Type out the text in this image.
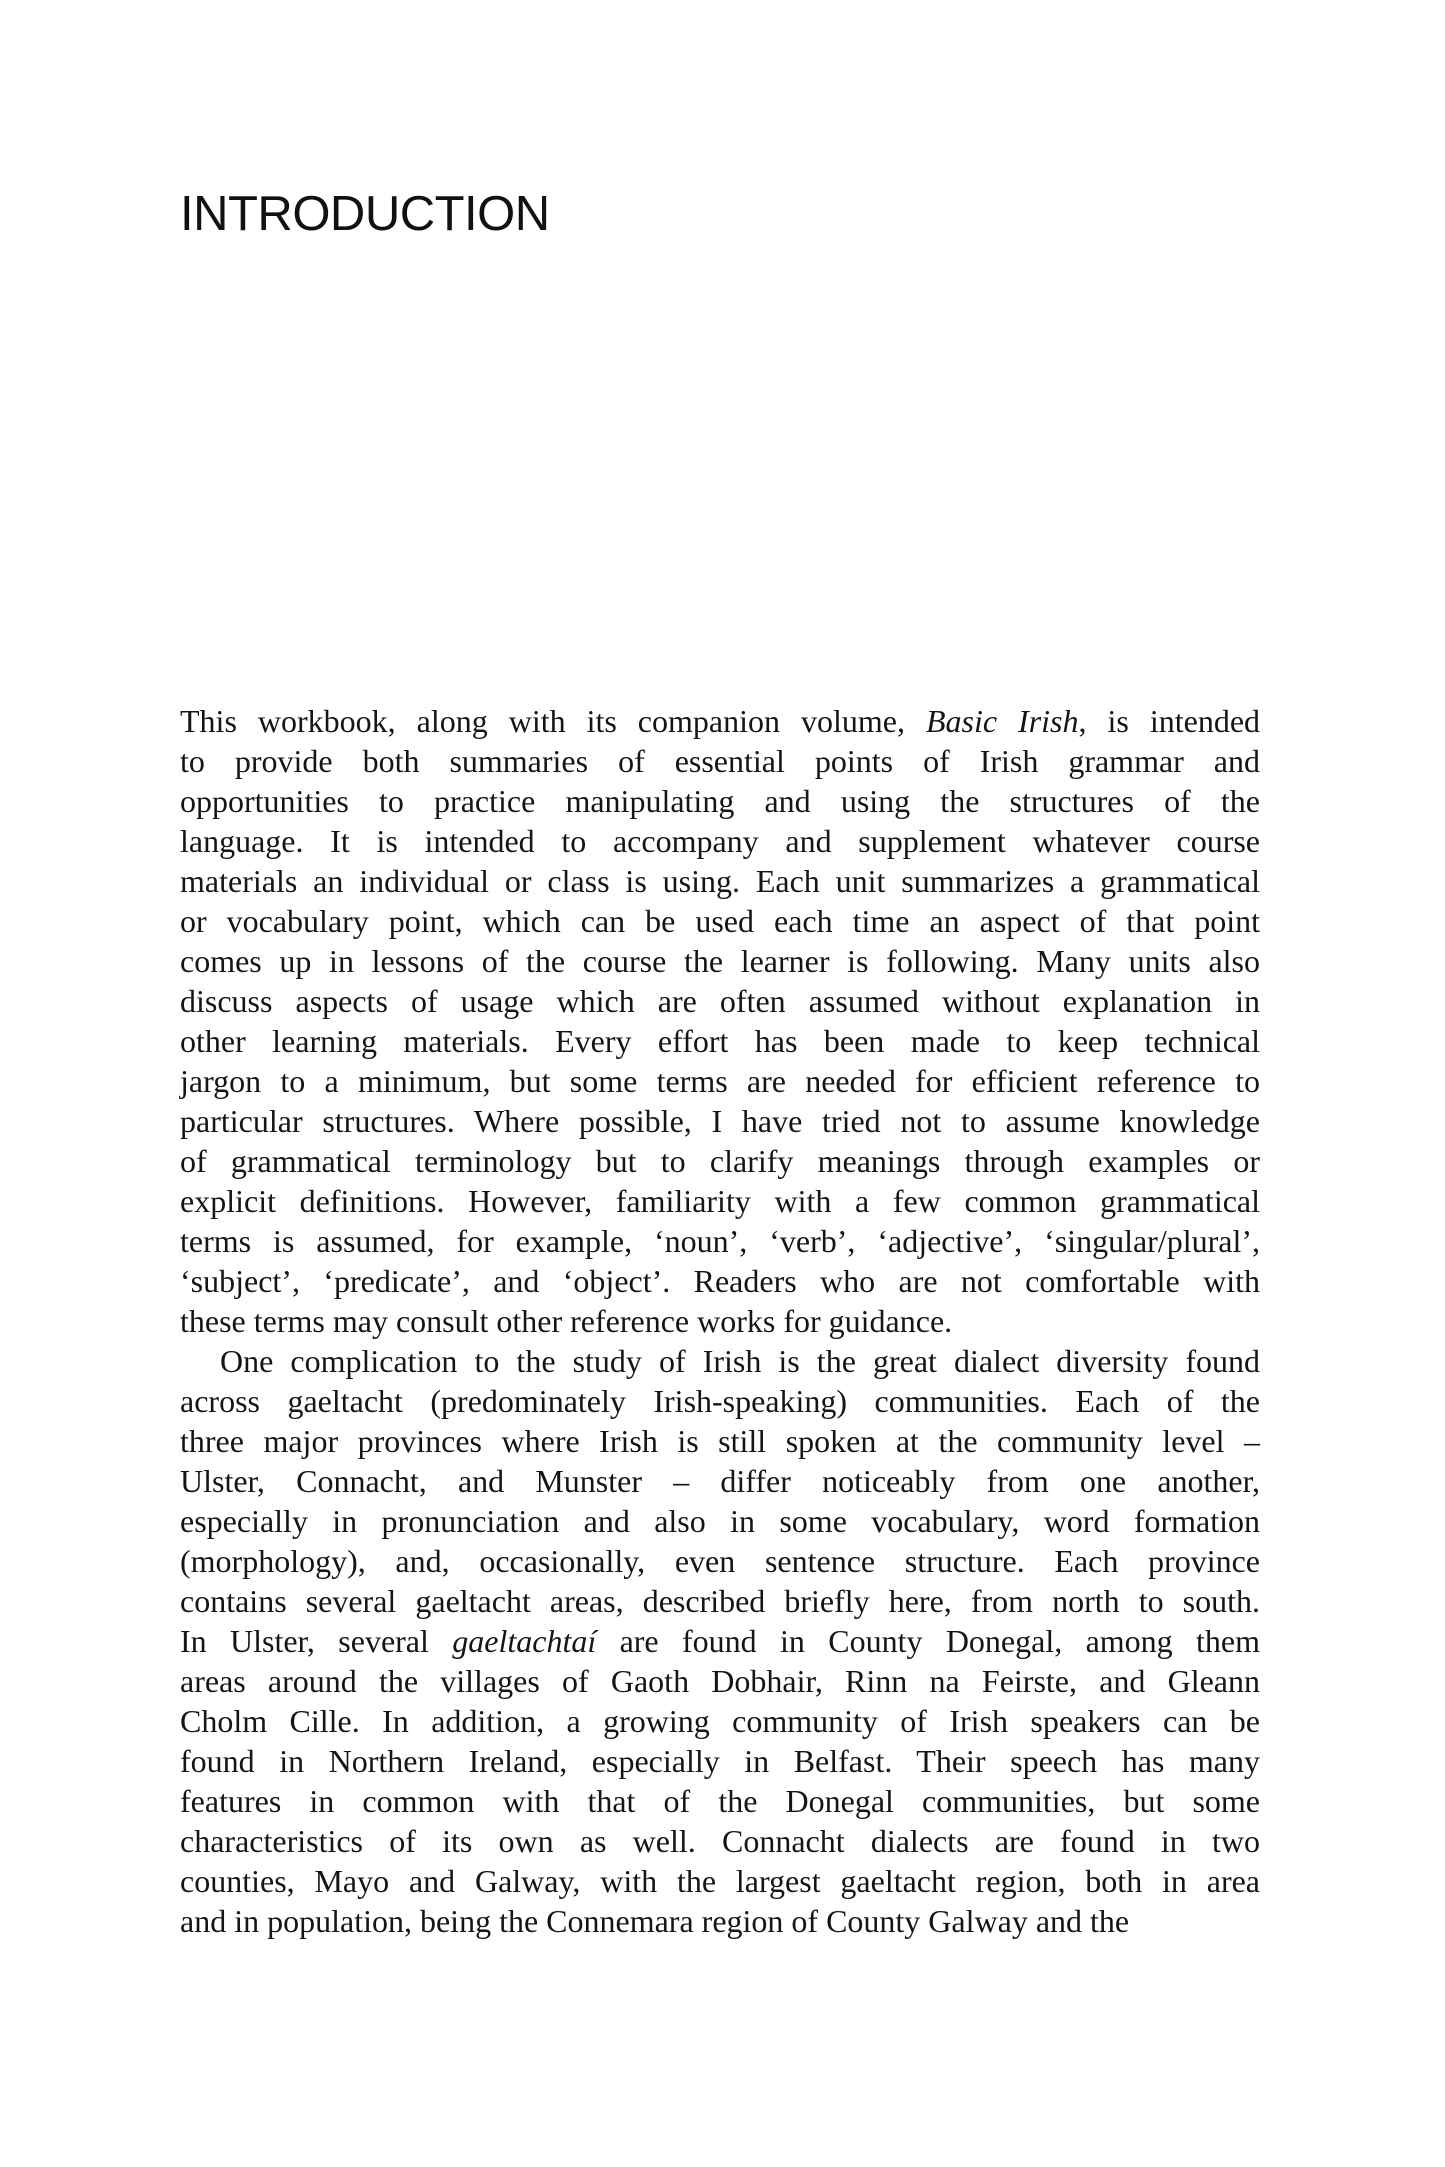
INTRODUCTION

This workbook, along with its companion volume, Basic Irish, is intended
to provide both summaries of essential points of Irish grammar and
opportunities to practice manipulating and using the structures of the
language. It is intended to accompany and supplement whatever course
materials an individual or class is using. Each unit summarizes a grammatical
or vocabulary point, which can be used each time an aspect of that point
comes up in lessons of the course the learner is following. Many units also
discuss aspects of usage which are often assumed without explanation in
other learning materials. Every effort has been made to keep technical
jargon to a minimum, but some terms are needed for efficient reference to
particular structures. Where possible, I have tried not to assume knowledge
of grammatical terminology but to clarify meanings through examples or
explicit definitions. However, familiarity with a few common grammatical
terms is assumed, for example, ‘noun’, ‘verb’, ‘adjective’, ‘singular/plural’,
‘subject’, ‘predicate’, and ‘object’. Readers who are not comfortable with
these terms may consult other reference works for guidance.

One complication to the study of Irish is the great dialect diversity found
across gaeltacht (predominately Irish-speaking) communities. Each of the
three major provinces where Irish is still spoken at the community level –
Ulster, Connacht, and Munster – differ noticeably from one another,
especially in pronunciation and also in some vocabulary, word formation
(morphology), and, occasionally, even sentence structure. Each province
contains several gaeltacht areas, described briefly here, from north to south.
In Ulster, several gaeltachtaí are found in County Donegal, among them
areas around the villages of Gaoth Dobhair, Rinn na Feirste, and Gleann
Cholm Cille. In addition, a growing community of Irish speakers can be
found in Northern Ireland, especially in Belfast. Their speech has many
features in common with that of the Donegal communities, but some
characteristics of its own as well. Connacht dialects are found in two
counties, Mayo and Galway, with the largest gaeltacht region, both in area
and in population, being the Connemara region of County Galway and the
